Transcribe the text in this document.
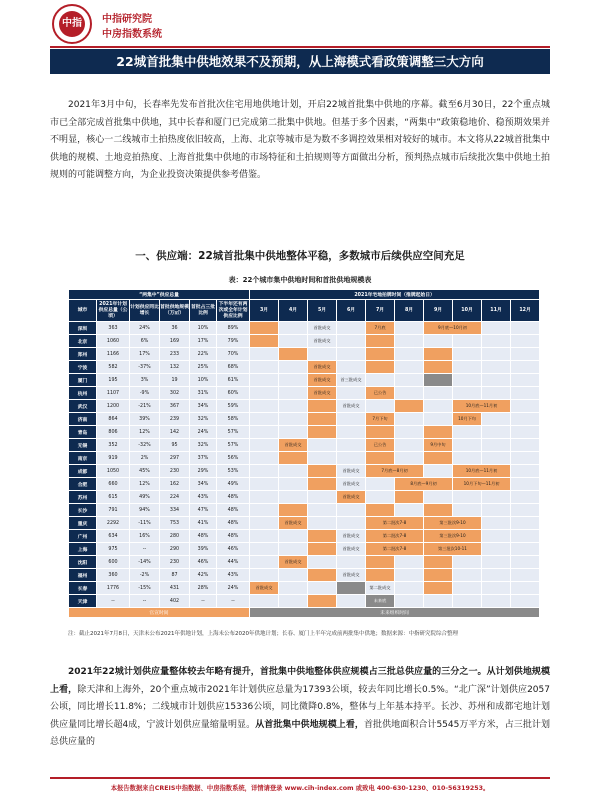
中指	中指研究院
中房指数系统
22城首批集中供地效果不及预期，从上海模式看政策调整三大方向
2021年3月中旬，长春率先发布首批次住宅用地供地计划，开启22城首批集中供地的序幕。截至6月30日，22个重点城市已全部完成首批集中供地，其中长春和厦门已完成第二批集中供地。但基于多个因素，“两集中”政策稳地价、稳预期效果并不明显，核心一二线城市土拍热度依旧较高，上海、北京等城市是为数不多调控效果相对较好的城市。本文将从22城首批集中供地的规模、土地竞拍热度、上海首批集中供地的市场特征和土拍规则等方面做出分析，预判热点城市后续批次集中供地土拍规则的可能调整方向，为企业投资决策提供参考借鉴。
一、供应端：22城首批集中供地整体平稳，多数城市后续供应空间充足
表：22个城市集中供地时间和首批供地规模表
“两集中”供应总量						2021年宅地拍牌时间（推牌起始日）									
城市	2021年计划供应总量（公顷）	计划供应同比增长	首批供地规模（万㎡）	首批占三批比例	下半年还有两次或全年计划供应比例	3月	4月	5月	6月	7月	8月	9月	10月	11月	12月
深圳	363	24%	36	10%	89%			首批成交		7月底		9月底—10月初			
北京	1060	6%	169	17%	79%			首批成交							
郑州	1166	17%	233	22%	70%										
宁波	582	-37%	132	25%	68%			首批成交							
厦门	195	3%	19	10%	61%			首批成交	首三批成交						
杭州	1107	-9%	302	31%	60%			首批成交		已公告					
武汉	1200	-21%	367	34%	59%				首批成交				10月底—11月初		
济南	864	39%	239	32%	58%					7月下旬			10月下旬		
青岛	806	12%	142	24%	57%										
无锡	352	-32%	95	32%	57%		首批成交			已公告		9月中旬			
南京	919	2%	297	37%	56%										
成都	1050	45%	230	29%	53%				首批成交	7月底—8月初			10月底—11月初		
合肥	660	12%	162	34%	49%				首批成交		8月底—9月初		10月下旬—11月初		
苏州	615	49%	224	43%	48%				首批成交						
长沙	791	94%	334	47%	48%										
重庆	2292	-11%	753	41%	48%		首批成交			第二批次7-8		第三批次9-10			
广州	634	16%	280	48%	48%				首批成交	第二批次7-8		第三批次9-10			
上海	975	--	290	39%	46%				首批成交	第二批次7-8		第三批次10-11			
沈阳	600	-14%	230	46%	44%		首批成交								
福州	360	-2%	87	42%	43%				首批成交						
长春	1776	-15%	431	28%	24%	首批成交				第二批成交					
天津	--	--	402	--	--					未来底					
官宣时间						未来组织时间									
注：截止2021年7月8日，天津未公布2021年供地计划，上海未公布2020年供地计划；长春、厦门上半年完成前两批集中供地；数据来源：中指研究院综合整理
2021年22城计划供应量整体较去年略有提升，首批集中供地整体供应规模占三批总供应量的三分之一。从计划供地规模上看，除天津和上海外，20个重点城市2021年计划供应总量为17393公顷，较去年同比增长0.5%。“北广深”计划供应2057公顷，同比增长11.8%；二线城市计划供应15336公顷，同比微降0.8%，整体与上年基本持平。长沙、苏州和成都宅地计划供应量同比增长超4成，宁波计划供应量缩量明显。从首批集中供地规模上看，首批供地面积合计5545万平方米，占三批计划总供应量的
本报告数据来自CREIS中指数据、中房指数系统，详情请登录 www.cih-index.com 或致电 400-630-1230、010-56319253。
